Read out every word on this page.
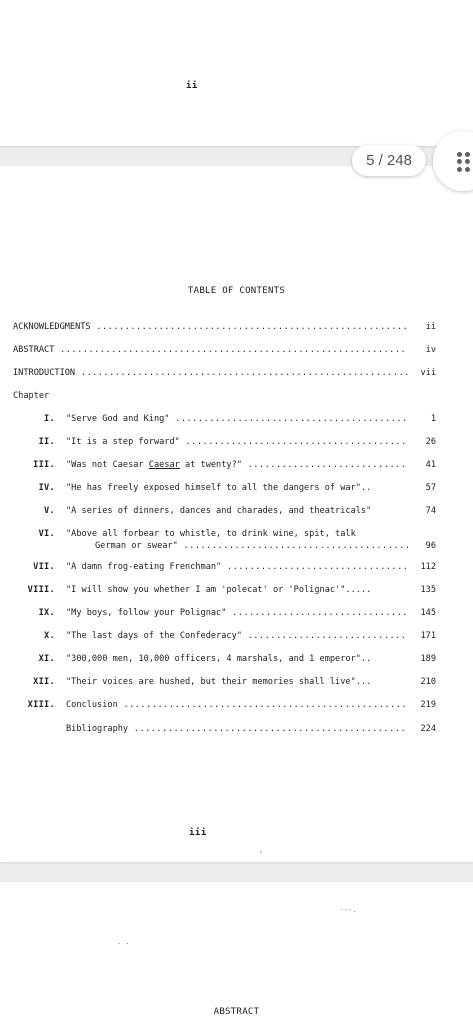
ii
TABLE OF CONTENTS
ACKNOWLEDGMENTS .....	ii
ABSTRACT .....	iv
INTRODUCTION .....	vii
Chapter
I. "Serve God and King" .....	1
II. "It is a step forward" .....	26
III. "Was not Caesar Caesar at twenty?" .....	41
IV. "He has freely exposed himself to all the dangers of war"..	57
V. "A series of dinners, dances and charades, and theatricals"	74
VI. "Above all forbear to whistle, to drink wine, spit, talk
German or swear" .....	96
VII. "A damn frog-eating Frenchman" .....	112
VIII. "I will show you whether I am 'polecat' or 'Polignac'".....	135
IX. "My boys, follow your Polignac" .....	145
X. "The last days of the Confederacy" .....	171
XI. "300,000 men, 10,000 officers, 4 marshals, and 1 emperor"..	189
XII. "Their voices are hushed, but their memories shall live"...	210
XIII. Conclusion .....	219
Bibliography .....	224
iii
,
---.
. .
ABSTRACT
5 / 248
